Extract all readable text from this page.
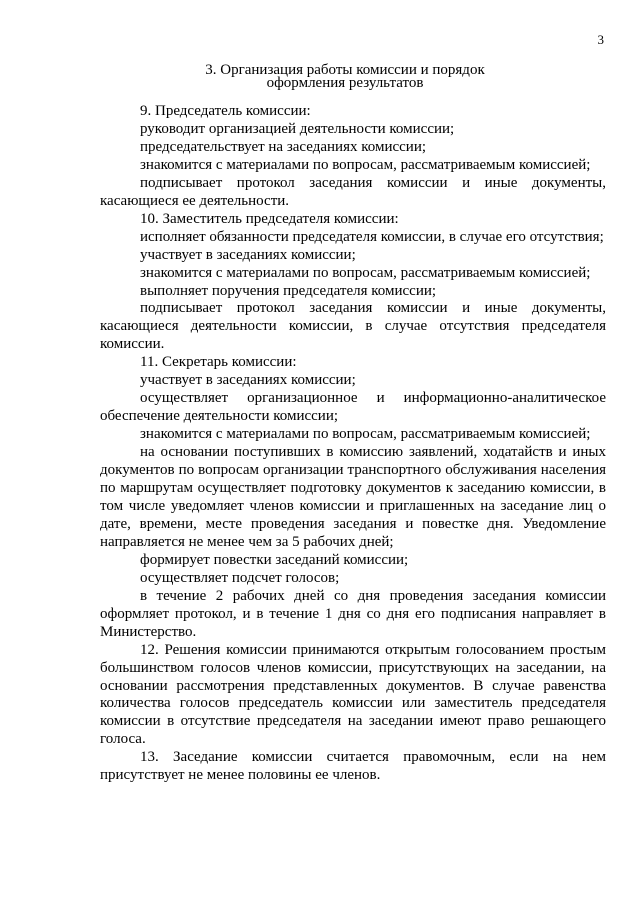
3
3. Организация работы комиссии и порядок
оформления результатов

9. Председатель комиссии:

руководит организацией деятельности комиссии;

председательствует на заседаниях комиссии;

знакомится с материалами по вопросам, рассматриваемым комиссией;

подписывает протокол заседания комиссии и иные документы, касающиеся ее деятельности.

10. Заместитель председателя комиссии:

исполняет обязанности председателя комиссии, в случае его отсутствия;

участвует в заседаниях комиссии;

знакомится с материалами по вопросам, рассматриваемым комиссией;

выполняет поручения председателя комиссии;

подписывает протокол заседания комиссии и иные документы, касающиеся деятельности комиссии, в случае отсутствия председателя комиссии.

11. Секретарь комиссии:

участвует в заседаниях комиссии;

осуществляет организационное и информационно-аналитическое обеспечение деятельности комиссии;

знакомится с материалами по вопросам, рассматриваемым комиссией;

на основании поступивших в комиссию заявлений, ходатайств и иных документов по вопросам организации транспортного обслуживания населения по маршрутам осуществляет подготовку документов к заседанию комиссии, в том числе уведомляет членов комиссии и приглашенных на заседание лиц о дате, времени, месте проведения заседания и повестке дня. Уведомление направляется не менее чем за 5 рабочих дней;

формирует повестки заседаний комиссии;

осуществляет подсчет голосов;

в течение 2 рабочих дней со дня проведения заседания комиссии оформляет протокол, и в течение 1 дня со дня его подписания направляет в Министерство.

12. Решения комиссии принимаются открытым голосованием простым большинством голосов членов комиссии, присутствующих на заседании, на основании рассмотрения представленных документов. В случае равенства количества голосов председатель комиссии или заместитель председателя комиссии в отсутствие председателя на заседании имеют право решающего голоса.

13. Заседание комиссии считается правомочным, если на нем присутствует не менее половины ее членов.
